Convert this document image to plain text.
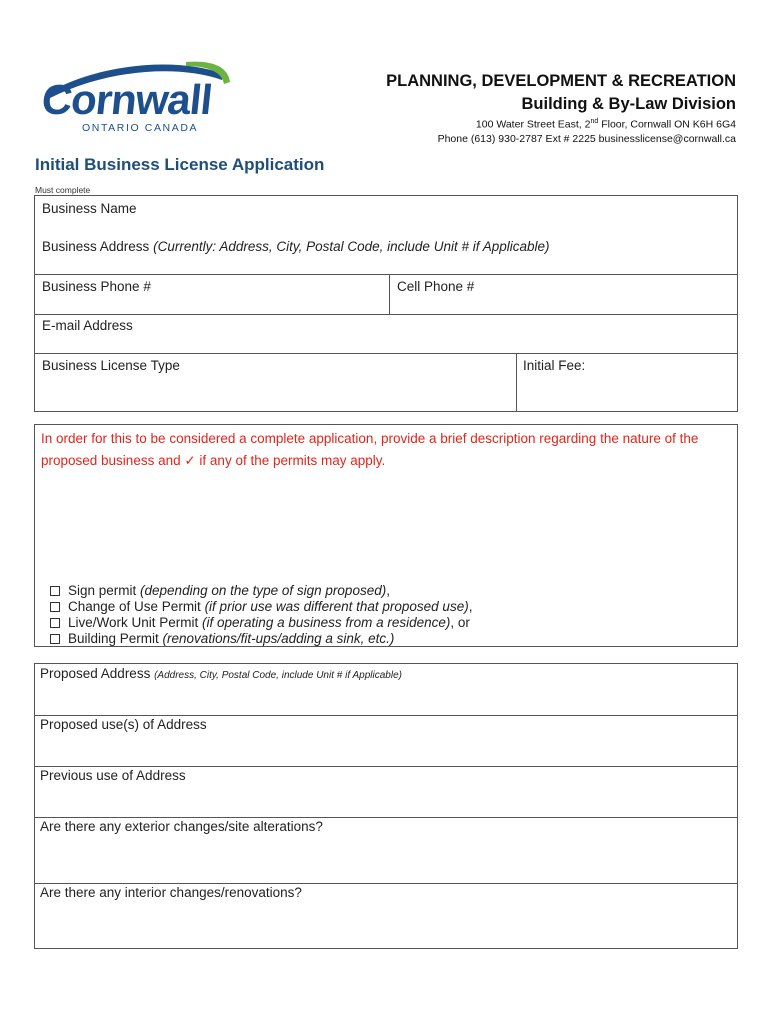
Cornwall
ONTARIO CANADA
PLANNING, DEVELOPMENT & RECREATION
Building & By-Law Division
100 Water Street East, 2nd Floor, Cornwall ON K6H 6G4
Phone (613) 930-2787 Ext # 2225 businesslicense@cornwall.ca
Initial Business License Application
Must complete
Business Name
Business Address (Currently: Address, City, Postal Code, include Unit # if Applicable)
Business Phone #	Cell Phone #
E-mail Address
Business License Type	Initial Fee:
In order for this to be considered a complete application, provide a brief description regarding the nature of the
proposed business and ✓ if any of the permits may apply.
Sign permit (depending on the type of sign proposed),
Change of Use Permit (if prior use was different that proposed use),
Live/Work Unit Permit (if operating a business from a residence), or
Building Permit (renovations/fit-ups/adding a sink, etc.)
Proposed Address (Address, City, Postal Code, include Unit # if Applicable)
Proposed use(s) of Address
Previous use of Address
Are there any exterior changes/site alterations?
Are there any interior changes/renovations?
